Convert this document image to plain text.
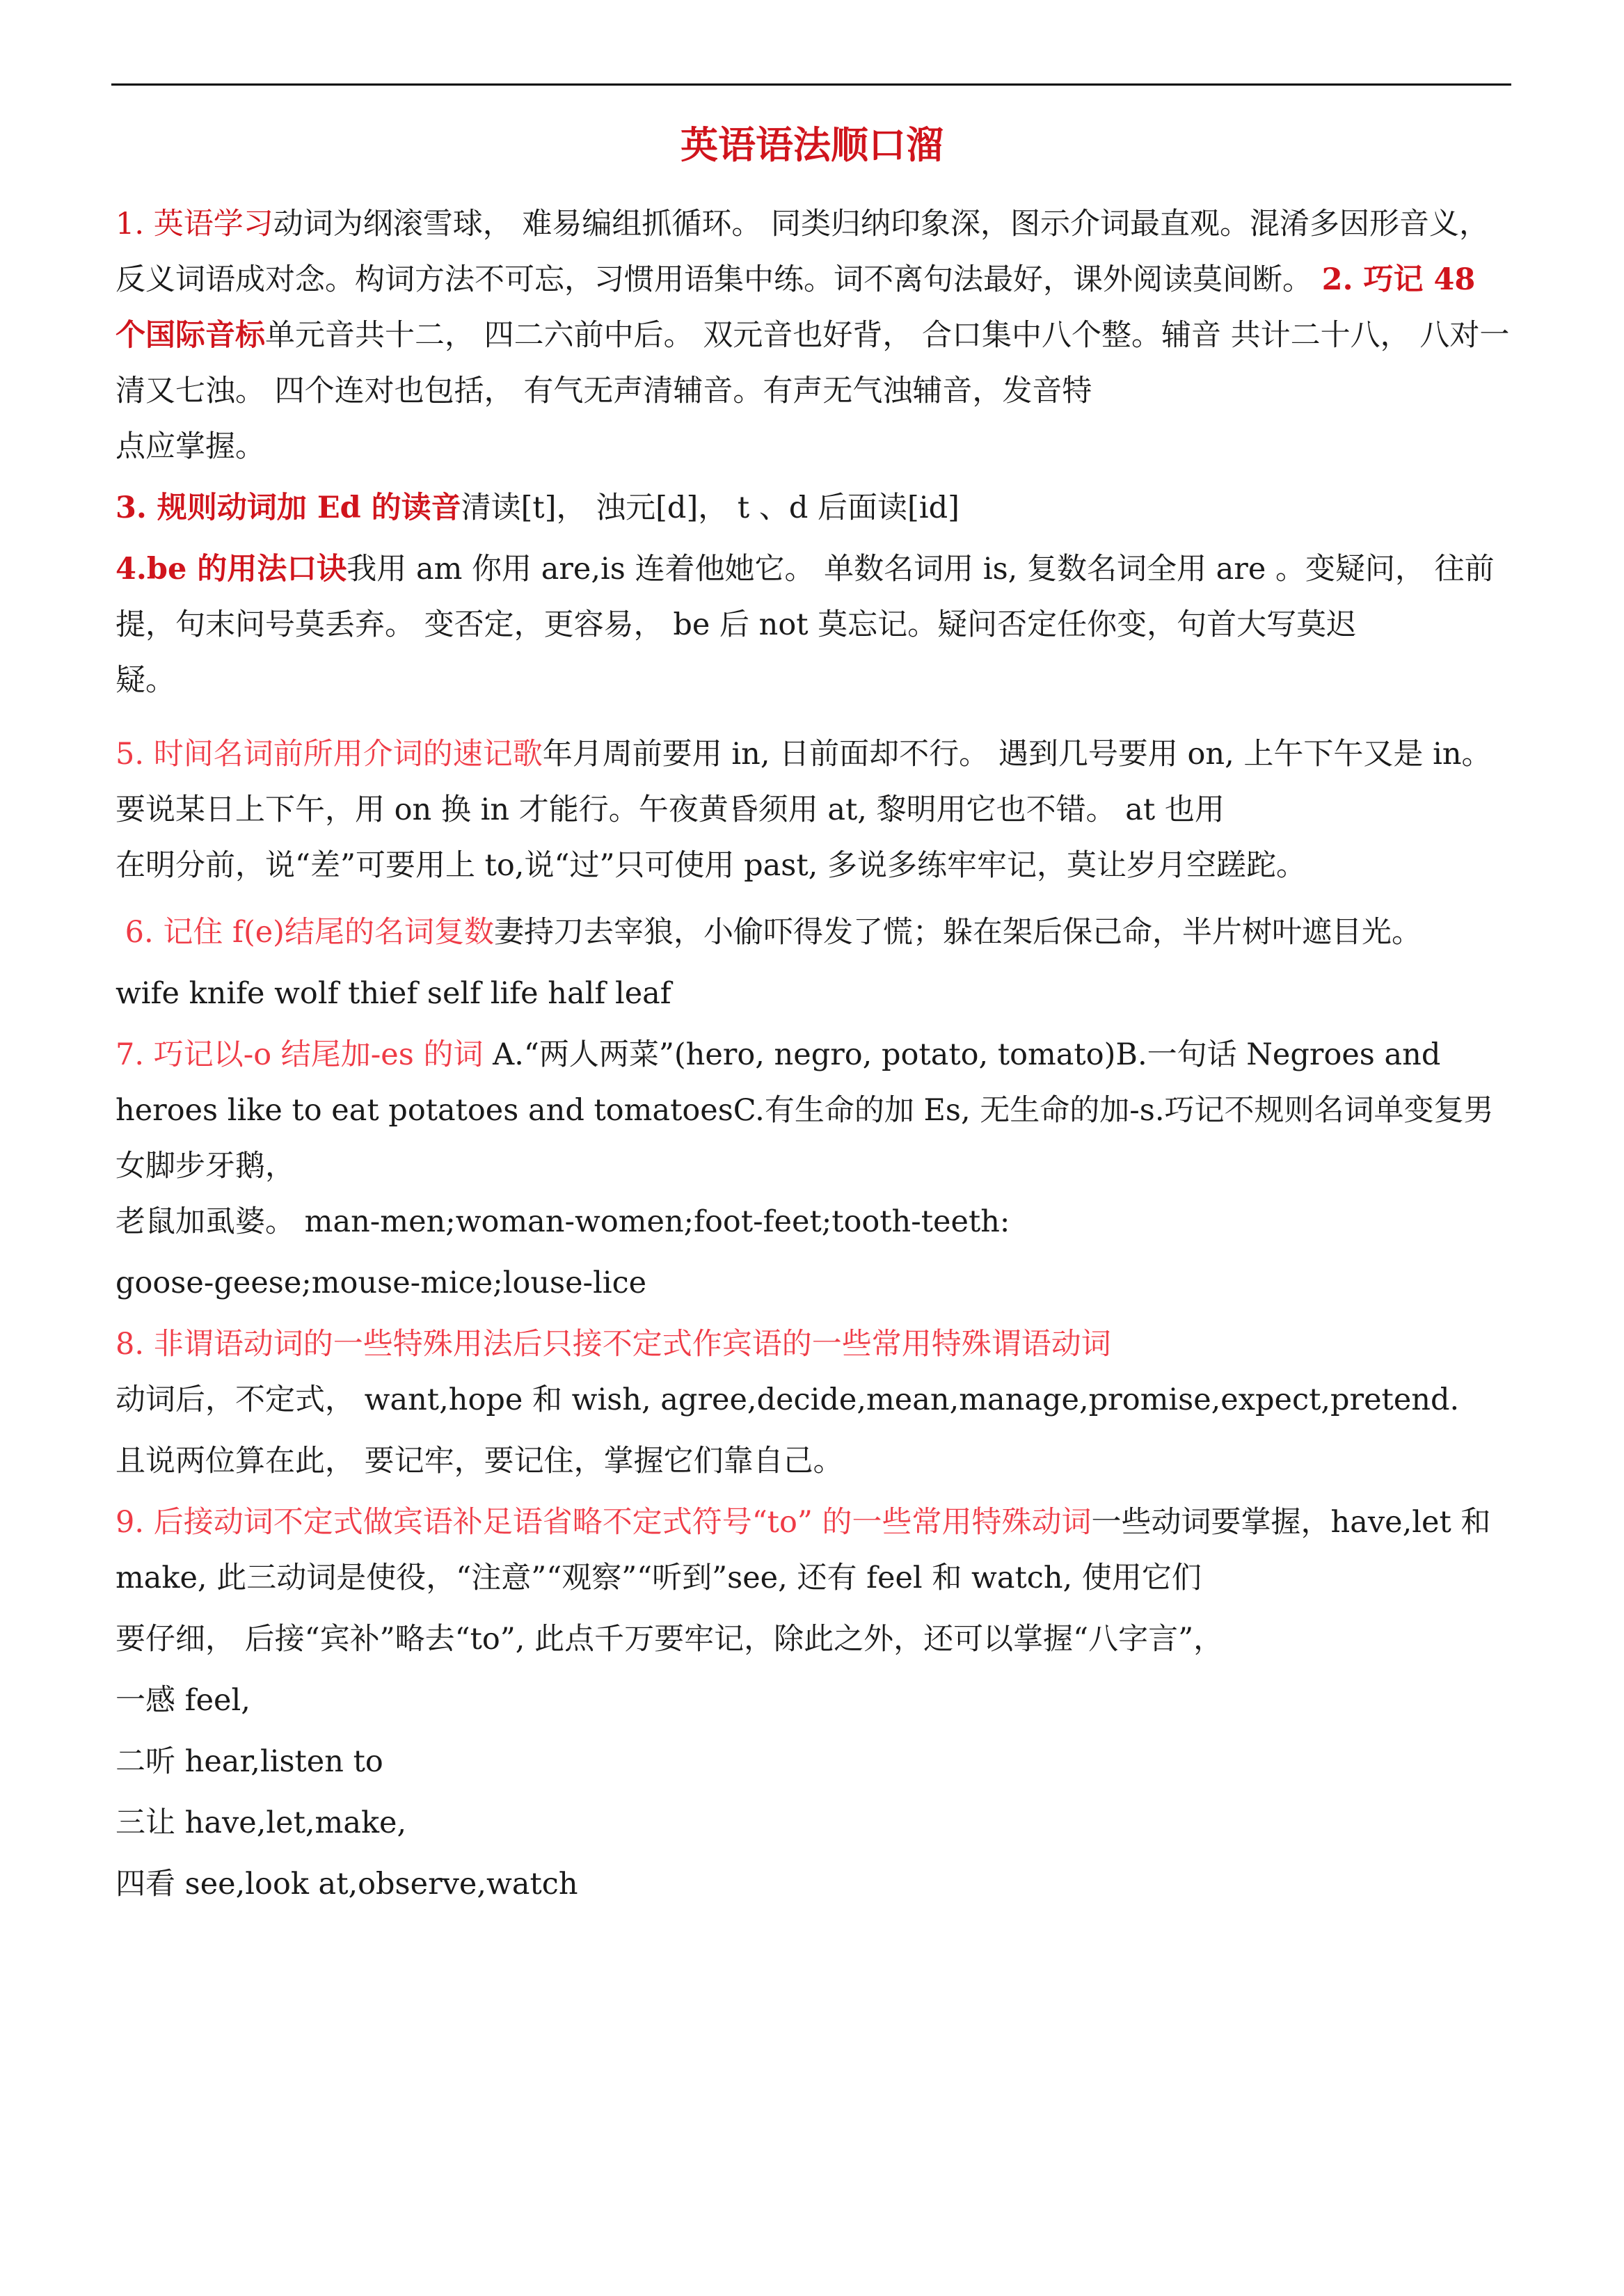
英语语法顺口溜

1. 英语学习动词为纲滚雪球， 难易编组抓循环。 同类归纳印象深，图示介词最直观。混淆多因形音义，反义词语成对念。构词方法不可忘，习惯用语集中练。词不离句法最好，课外阅读莫间断。 2. 巧记 48 个国际音标单元音共十二， 四二六前中后。 双元音也好背， 合口集中八个整。辅音 共计二十八， 八对一清又七浊。 四个连对也包括， 有气无声清辅音。有声无气浊辅音，发音特

点应掌握。

3. 规则动词加 Ed 的读音清读[t]， 浊元[d]， t 、d 后面读[id]

4.be 的用法口诀我用 am 你用 are,is 连着他她它。 单数名词用 is, 复数名词全用 are 。变疑问， 往前提，句末问号莫丢弃。 变否定，更容易， be 后 not 莫忘记。疑问否定任你变，句首大写莫迟

疑。

5. 时间名词前所用介词的速记歌年月周前要用 in, 日前面却不行。 遇到几号要用 on, 上午下午又是 in。要说某日上下午，用 on 换 in 才能行。午夜黄昏须用 at, 黎明用它也不错。 at 也用

在明分前，说“差”可要用上 to,说“过”只可使用 past, 多说多练牢牢记，莫让岁月空蹉跎。

6. 记住 f(e)结尾的名词复数妻持刀去宰狼，小偷吓得发了慌；躲在架后保己命，半片树叶遮目光。

wife knife wolf thief self life half leaf

7. 巧记以-o 结尾加-es 的词 A.“两人两菜”(hero, negro, potato, tomato)B.一句话 Negroes and heroes like to eat potatoes and tomatoesC.有生命的加 Es, 无生命的加-s.巧记不规则名词单变复男女脚步牙鹅，

老鼠加虱婆。 man-men;woman-women;foot-feet;tooth-teeth:

goose-geese;mouse-mice;louse-lice

8. 非谓语动词的一些特殊用法后只接不定式作宾语的一些常用特殊谓语动词

动词后，不定式， want,hope 和 wish, agree,decide,mean,manage,promise,expect,pretend.

且说两位算在此， 要记牢，要记住，掌握它们靠自己。

9. 后接动词不定式做宾语补足语省略不定式符号“to” 的一些常用特殊动词一些动词要掌握，have,let 和 make, 此三动词是使役，“注意”“观察”“听到”see, 还有 feel 和 watch, 使用它们

要仔细， 后接“宾补”略去“to”, 此点千万要牢记，除此之外，还可以掌握“八字言”，

一感 feel,

二听 hear,listen to

三让 have,let,make,

四看 see,look at,observe,watch
